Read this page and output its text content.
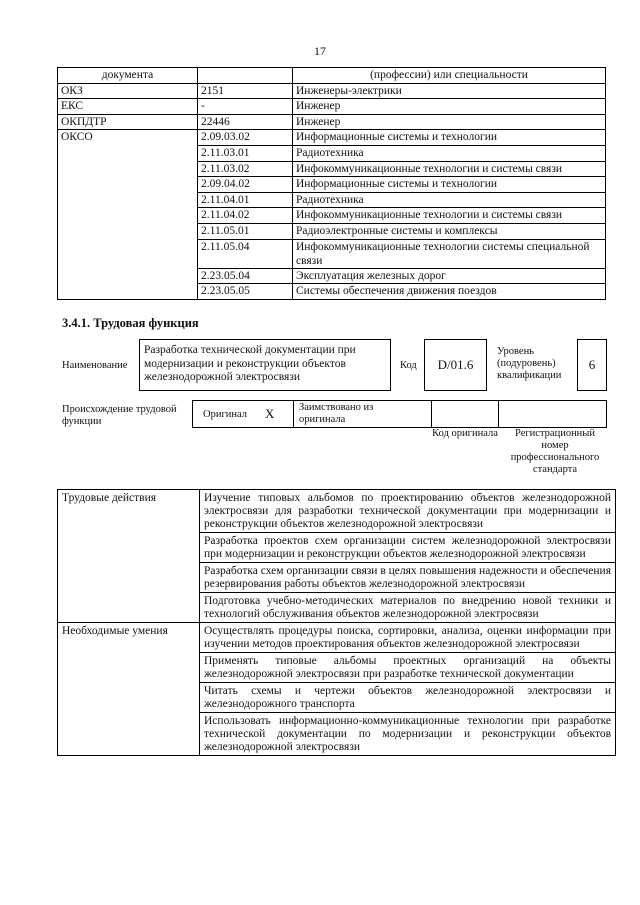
17
документа		(профессии) или специальности
ОКЗ	2151	Инженеры-электрики
ЕКС	-	Инженер
ОКПДТР	22446	Инженер
ОКСО	2.09.03.02	Информационные системы и технологии
	2.11.03.01	Радиотехника
	2.11.03.02	Инфокоммуникационные технологии и системы связи
	2.09.04.02	Информационные системы и технологии
	2.11.04.01	Радиотехника
	2.11.04.02	Инфокоммуникационные технологии и системы связи
	2.11.05.01	Радиоэлектронные системы и комплексы
	2.11.05.04	Инфокоммуникационные технологии системы специальной связи
	2.23.05.04	Эксплуатация железных дорог
	2.23.05.05	Системы обеспечения движения поездов
3.4.1. Трудовая функция
Наименование
Разработка технической документации при модернизации и реконструкции объектов железнодорожной электросвязи
Код D/01.6
Уровень (подуровень) квалификации
6
Происхождение трудовой функции
Оригинал X Заимствовано из оригинала
Код оригинала	Регистрационный номер профессионального стандарта
Трудовые действия	Изучение типовых альбомов по проектированию объектов железнодорожной электросвязи для разработки технической документации при модернизации и реконструкции объектов железнодорожной электросвязи
	Разработка проектов схем организации систем железнодорожной электросвязи при модернизации и реконструкции объектов железнодорожной электросвязи
	Разработка схем организации связи в целях повышения надежности и обеспечения резервирования работы объектов железнодорожной электросвязи
	Подготовка учебно-методических материалов по внедрению новой техники и технологий обслуживания объектов железнодорожной электросвязи
Необходимые умения	Осуществлять процедуры поиска, сортировки, анализа, оценки информации при изучении методов проектирования объектов железнодорожной электросвязи
	Применять типовые альбомы проектных организаций на объекты железнодорожной электросвязи при разработке технической документации
	Читать схемы и чертежи объектов железнодорожной электросвязи и железнодорожного транспорта
	Использовать информационно-коммуникационные технологии при разработке технической документации по модернизации и реконструкции объектов железнодорожной электросвязи
